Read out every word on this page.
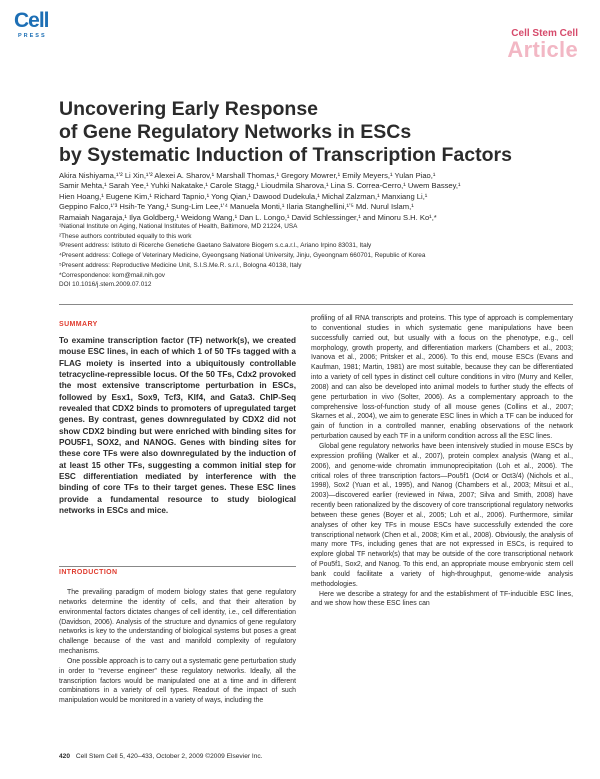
Cell
PRESS	Cell Stem Cell
Article
Uncovering Early Response
of Gene Regulatory Networks in ESCs
by Systematic Induction of Transcription Factors

Akira Nishiyama,¹ʼ² Li Xin,¹ʼ² Alexei A. Sharov,¹ Marshall Thomas,¹ Gregory Mowrer,¹ Emily Meyers,¹ Yulan Piao,¹

Samir Mehta,¹ Sarah Yee,¹ Yuhki Nakatake,¹ Carole Stagg,¹ Lioudmila Sharova,¹ Lina S. Correa-Cerro,¹ Uwem Bassey,¹

Hien Hoang,¹ Eugene Kim,¹ Richard Tapnio,¹ Yong Qian,¹ Dawood Dudekula,¹ Michal Zalzman,¹ Manxiang Li,¹

Geppino Falco,¹ʼ³ Hsih-Te Yang,¹ Sung-Lim Lee,¹ʼ⁴ Manuela Monti,¹ Ilaria Stanghellini,¹ʼ⁵ Md. Nurul Islam,¹

Ramaiah Nagaraja,¹ Ilya Goldberg,¹ Weidong Wang,¹ Dan L. Longo,¹ David Schlessinger,¹ and Minoru S.H. Ko¹,*

¹National Institute on Aging, National Institutes of Health, Baltimore, MD 21224, USA

²These authors contributed equally to this work

³Present address: Istituto di Ricerche Genetiche Gaetano Salvatore Biogem s.c.a.r.l., Ariano Irpino 83031, Italy

⁴Present address: College of Veterinary Medicine, Gyeongsang National University, Jinju, Gyeongnam 660701, Republic of Korea

⁵Present address: Reproductive Medicine Unit, S.I.S.Me.R. s.r.l., Bologna 40138, Italy

*Correspondence: kom@mail.nih.gov

DOI 10.1016/j.stem.2009.07.012

SUMMARY

To examine transcription factor (TF) network(s), we created mouse ESC lines, in each of which 1 of 50 TFs tagged with a FLAG moiety is inserted into a ubiquitously controllable tetracycline-repressible locus. Of the 50 TFs, Cdx2 provoked the most extensive transcriptome perturbation in ESCs, followed by Esx1, Sox9, Tcf3, Klf4, and Gata3. ChIP-Seq revealed that CDX2 binds to promoters of upregulated target genes. By contrast, genes downregulated by CDX2 did not show CDX2 binding but were enriched with binding sites for POU5F1, SOX2, and NANOG. Genes with binding sites for these core TFs were also downregulated by the induction of at least 15 other TFs, suggesting a common initial step for ESC differentiation mediated by interference with the binding of core TFs to their target genes. These ESC lines provide a fundamental resource to study biological networks in ESCs and mice.

INTRODUCTION

The prevailing paradigm of modern biology states that gene regulatory networks determine the identity of cells, and that their alteration by environmental factors dictates changes of cell identity, i.e., cell differentiation (Davidson, 2006). Analysis of the structure and dynamics of gene regulatory networks is key to the understanding of biological systems but poses a great challenge because of the vast and manifold complexity of regulatory mechanisms.

One possible approach is to carry out a systematic gene perturbation study in order to “reverse engineer” these regulatory networks. Ideally, all the transcription factors would be manipulated one at a time and in different combinations in a variety of cell types. Readout of the impact of such manipulation would be monitored in a variety of ways, including the

profiling of all RNA transcripts and proteins. This type of approach is complementary to conventional studies in which systematic gene manipulations have been successfully carried out, but usually with a focus on the phenotype, e.g., cell morphology, growth property, and differentiation markers (Chambers et al., 2003; Ivanova et al., 2006; Pritsker et al., 2006). To this end, mouse ESCs (Evans and Kaufman, 1981; Martin, 1981) are most suitable, because they can be differentiated into a variety of cell types in distinct cell culture conditions in vitro (Murry and Keller, 2008) and can also be developed into animal models to further study the effects of gene perturbation in vivo (Solter, 2006). As a complementary approach to the comprehensive loss-of-function study of all mouse genes (Collins et al., 2007; Skarnes et al., 2004), we aim to generate ESC lines in which a TF can be induced for gain of function in a controlled manner, enabling observations of the network perturbation caused by each TF in a uniform condition across all the ESC lines.

Global gene regulatory networks have been intensively studied in mouse ESCs by expression profiling (Walker et al., 2007), protein complex analysis (Wang et al., 2006), and genome-wide chromatin immunoprecipitation (Loh et al., 2006). The critical roles of three transcription factors—Pou5f1 (Oct4 or Oct3/4) (Nichols et al., 1998), Sox2 (Yuan et al., 1995), and Nanog (Chambers et al., 2003; Mitsui et al., 2003)—discovered earlier (reviewed in Niwa, 2007; Silva and Smith, 2008) have recently been rationalized by the discovery of core transcriptional regulatory networks between these genes (Boyer et al., 2005; Loh et al., 2006). Furthermore, similar analyses of other key TFs in mouse ESCs have successfully extended the core transcriptional network (Chen et al., 2008; Kim et al., 2008). Obviously, the analysis of many more TFs, including genes that are not expressed in ESCs, is required to explore global TF network(s) that may be outside of the core transcriptional network of Pou5f1, Sox2, and Nanog. To this end, an appropriate mouse embryonic stem cell bank could facilitate a variety of high-throughput, genome-wide analysis methodologies.

Here we describe a strategy for and the establishment of TF-inducible ESC lines, and we show how these ESC lines can

420 Cell Stem Cell 5, 420–433, October 2, 2009 ©2009 Elsevier Inc.
